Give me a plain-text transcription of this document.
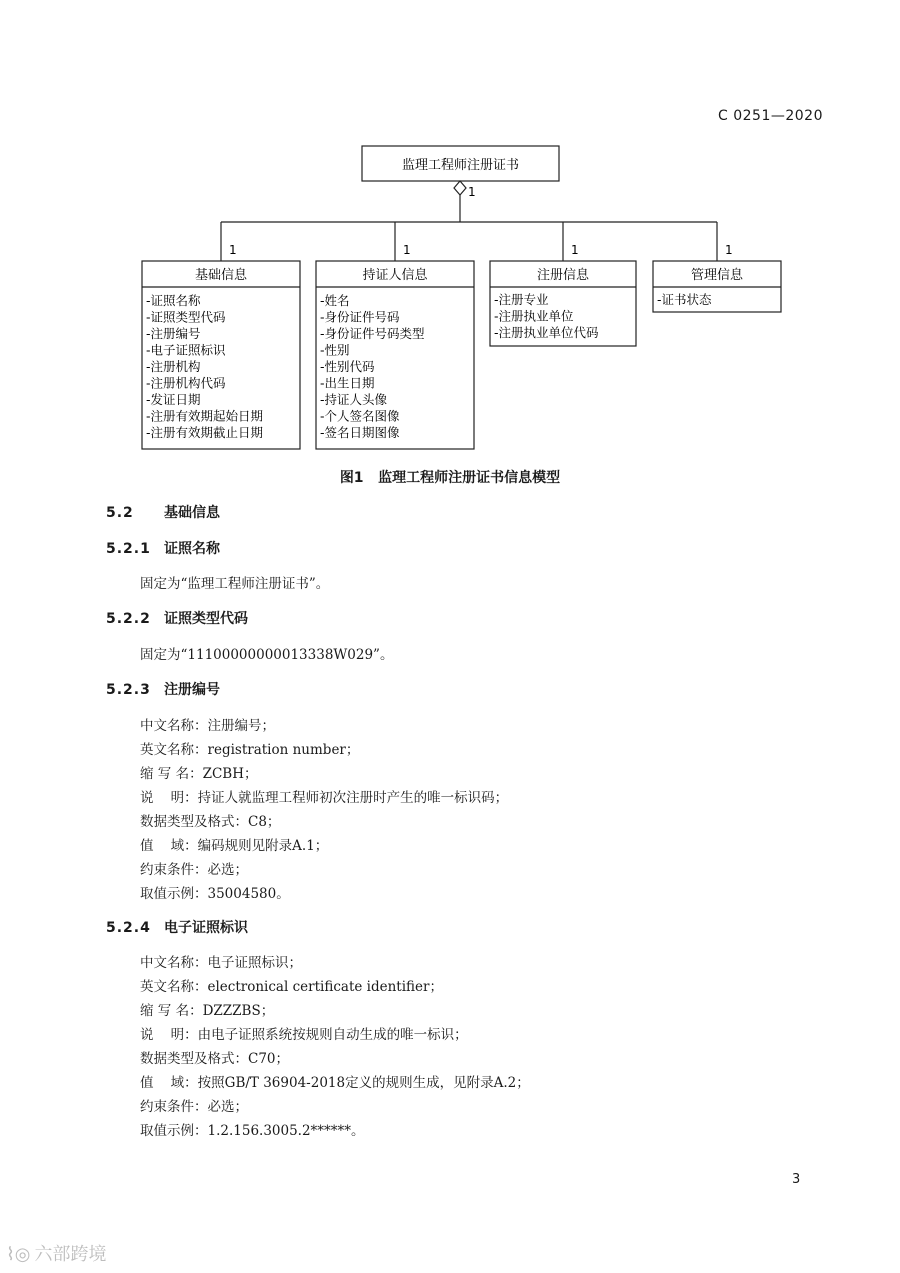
C 0251—2020
监理工程师注册证书
1
1	1	1	1
基础信息
-证照名称
-证照类型代码
-注册编号
-电子证照标识
-注册机构
-注册机构代码
-发证日期
-注册有效期起始日期
-注册有效期截止日期
持证人信息
-姓名
-身份证件号码
-身份证件号码类型
-性别
-性别代码
-出生日期
-持证人头像
-个人签名图像
-签名日期图像
注册信息
-注册专业
-注册执业单位
-注册执业单位代码
管理信息
-证书状态
图1   监理工程师注册证书信息模型
5.2 基础信息
5.2.1 证照名称
固定为“监理工程师注册证书”。
5.2.2 证照类型代码
固定为“11100000000013338W029”。
5.2.3 注册编号
中文名称：注册编号；
英文名称：registration number；
缩 写 名：ZCBH；
说    明：持证人就监理工程师初次注册时产生的唯一标识码；
数据类型及格式：C8；
值    域：编码规则见附录A.1；
约束条件：必选；
取值示例：35004580。
5.2.4 电子证照标识
中文名称：电子证照标识；
英文名称：electronical certificate identifier；
缩 写 名：DZZZBS；
说    明：由电子证照系统按规则自动生成的唯一标识；
数据类型及格式：C70；
值    域：按照GB/T 36904-2018定义的规则生成，见附录A.2；
约束条件：必选；
取值示例：1.2.156.3005.2******。
3
⌇◎ 六部跨境
